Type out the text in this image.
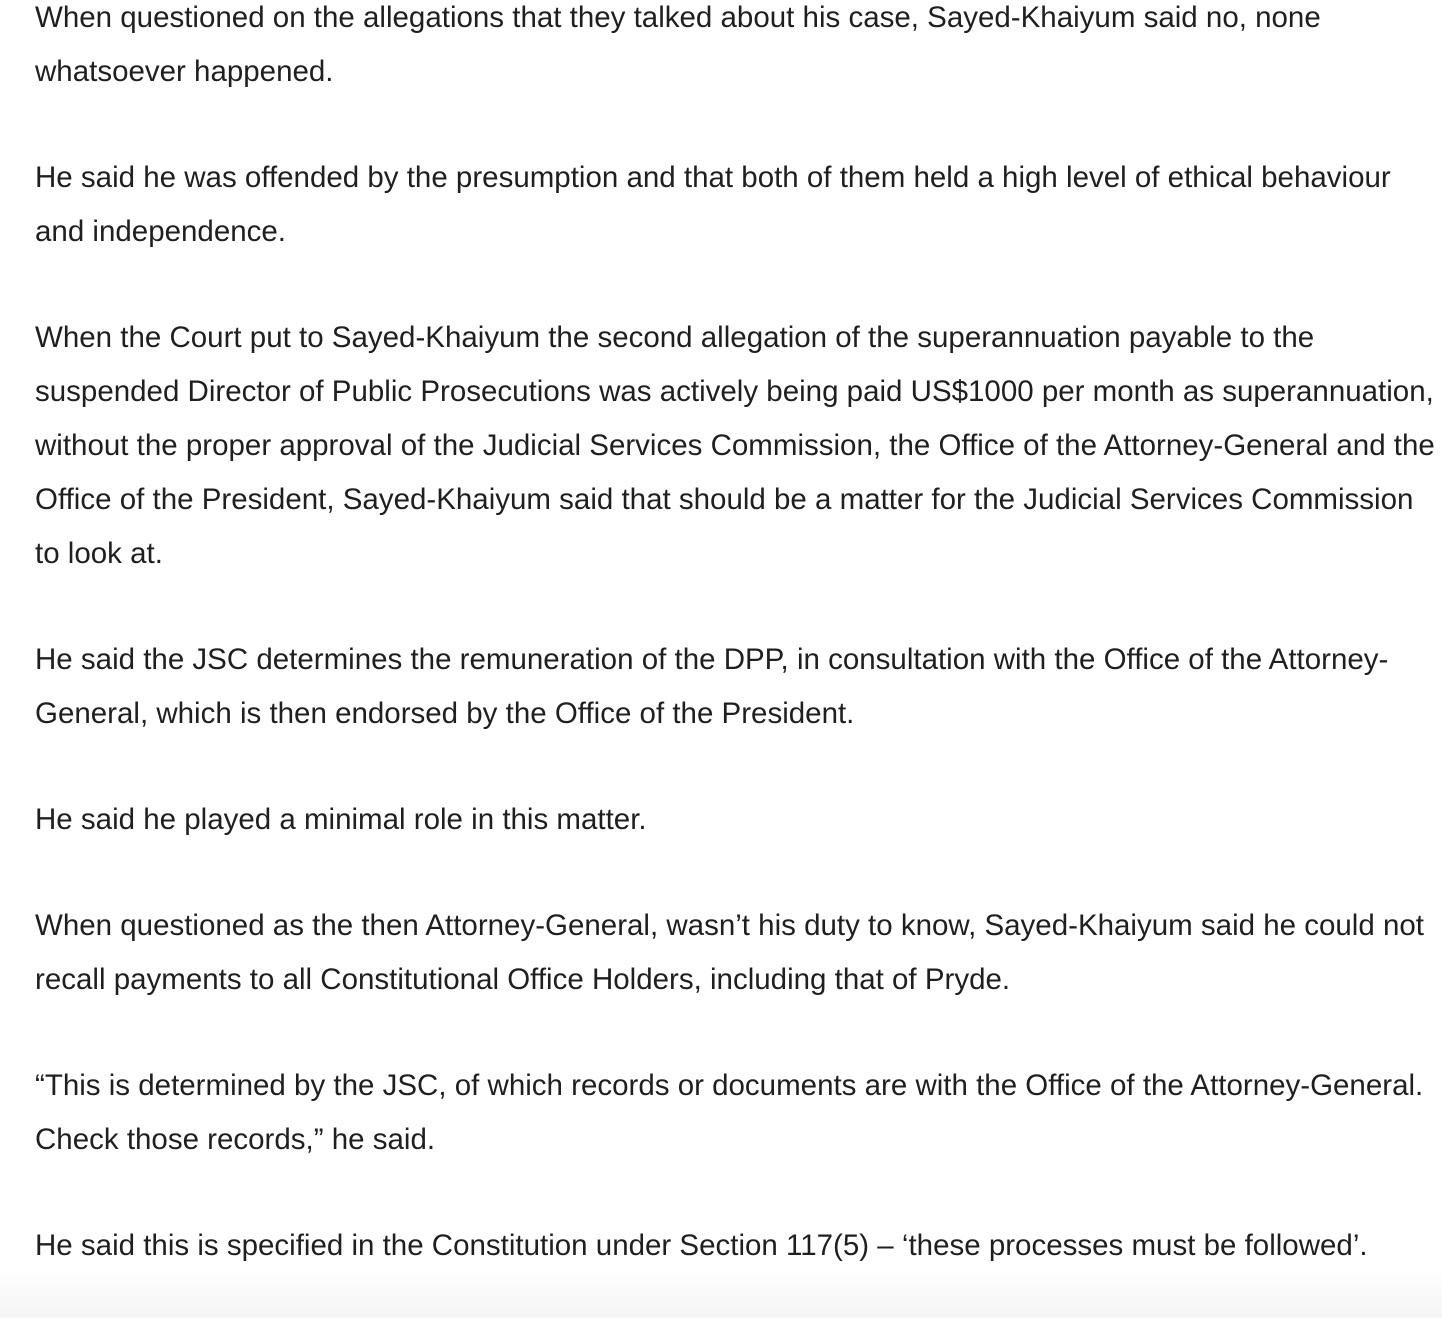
When questioned on the allegations that they talked about his case, Sayed-Khaiyum said no, none whatsoever happened.

He said he was offended by the presumption and that both of them held a high level of ethical behaviour and independence.

When the Court put to Sayed-Khaiyum the second allegation of the superannuation payable to the suspended Director of Public Prosecutions was actively being paid US$1000 per month as superannuation, without the proper approval of the Judicial Services Commission, the Office of the Attorney-General and the Office of the President, Sayed-Khaiyum said that should be a matter for the Judicial Services Commission to look at.

He said the JSC determines the remuneration of the DPP, in consultation with the Office of the Attorney-General, which is then endorsed by the Office of the President.

He said he played a minimal role in this matter.

When questioned as the then Attorney-General, wasn’t his duty to know, Sayed-Khaiyum said he could not recall payments to all Constitutional Office Holders, including that of Pryde.

“This is determined by the JSC, of which records or documents are with the Office of the Attorney-General. Check those records,” he said.

He said this is specified in the Constitution under Section 117(5) – ‘these processes must be followed’.
